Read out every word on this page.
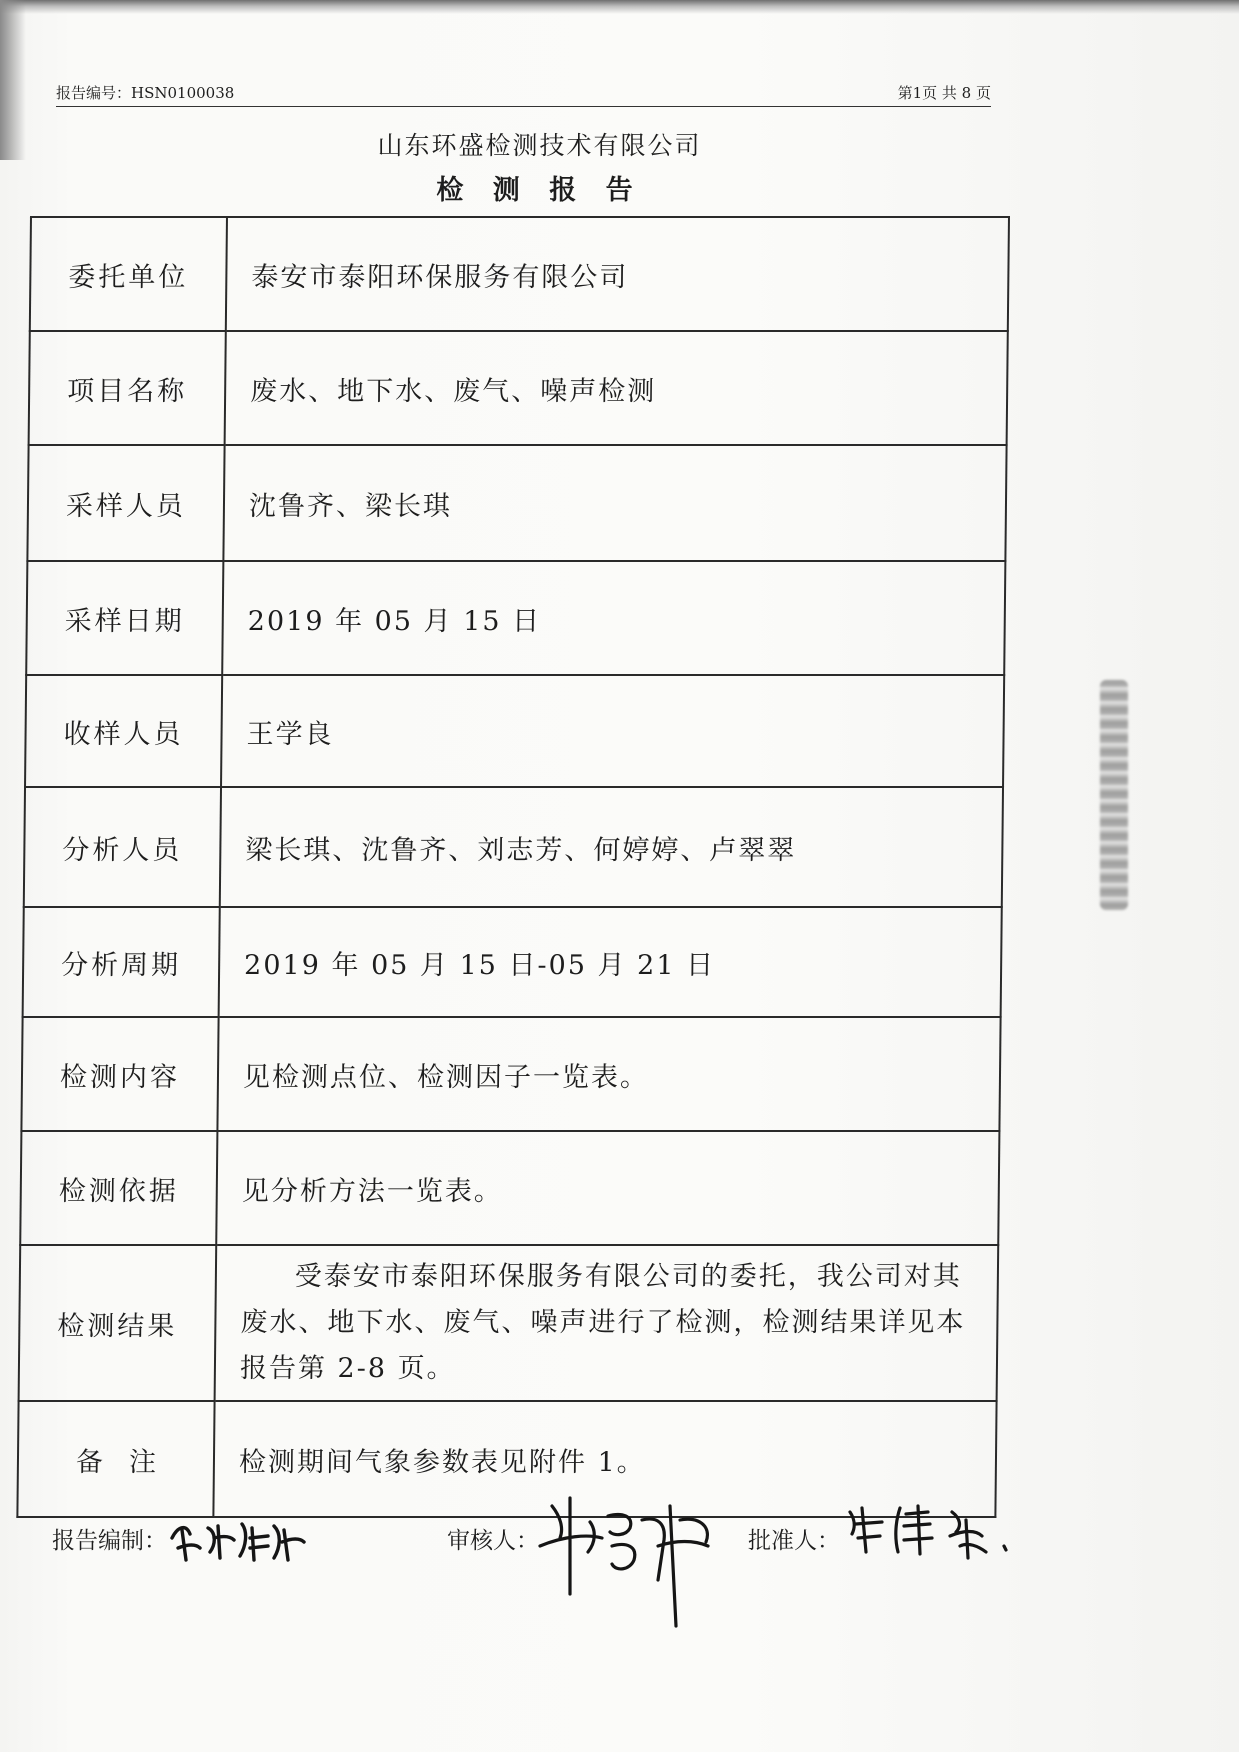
报告编号：HSN0100038	第1页 共 8 页
山东环盛检测技术有限公司
检 测 报 告
委托单位	泰安市泰阳环保服务有限公司
项目名称	废水、地下水、废气、噪声检测
采样人员	沈鲁齐、梁长琪
采样日期	2019 年 05 月 15 日
收样人员	王学良
分析人员	梁长琪、沈鲁齐、刘志芳、何婷婷、卢翠翠
分析周期	2019 年 05 月 15 日-05 月 21 日
检测内容	见检测点位、检测因子一览表。
检测依据	见分析方法一览表。
检测结果	受泰安市泰阳环保服务有限公司的委托，我公司对其废水、地下水、废气、噪声进行了检测，检测结果详见本报告第 2-8 页。
备注	检测期间气象参数表见附件 1。
报告编制：	审核人：	批准人：
